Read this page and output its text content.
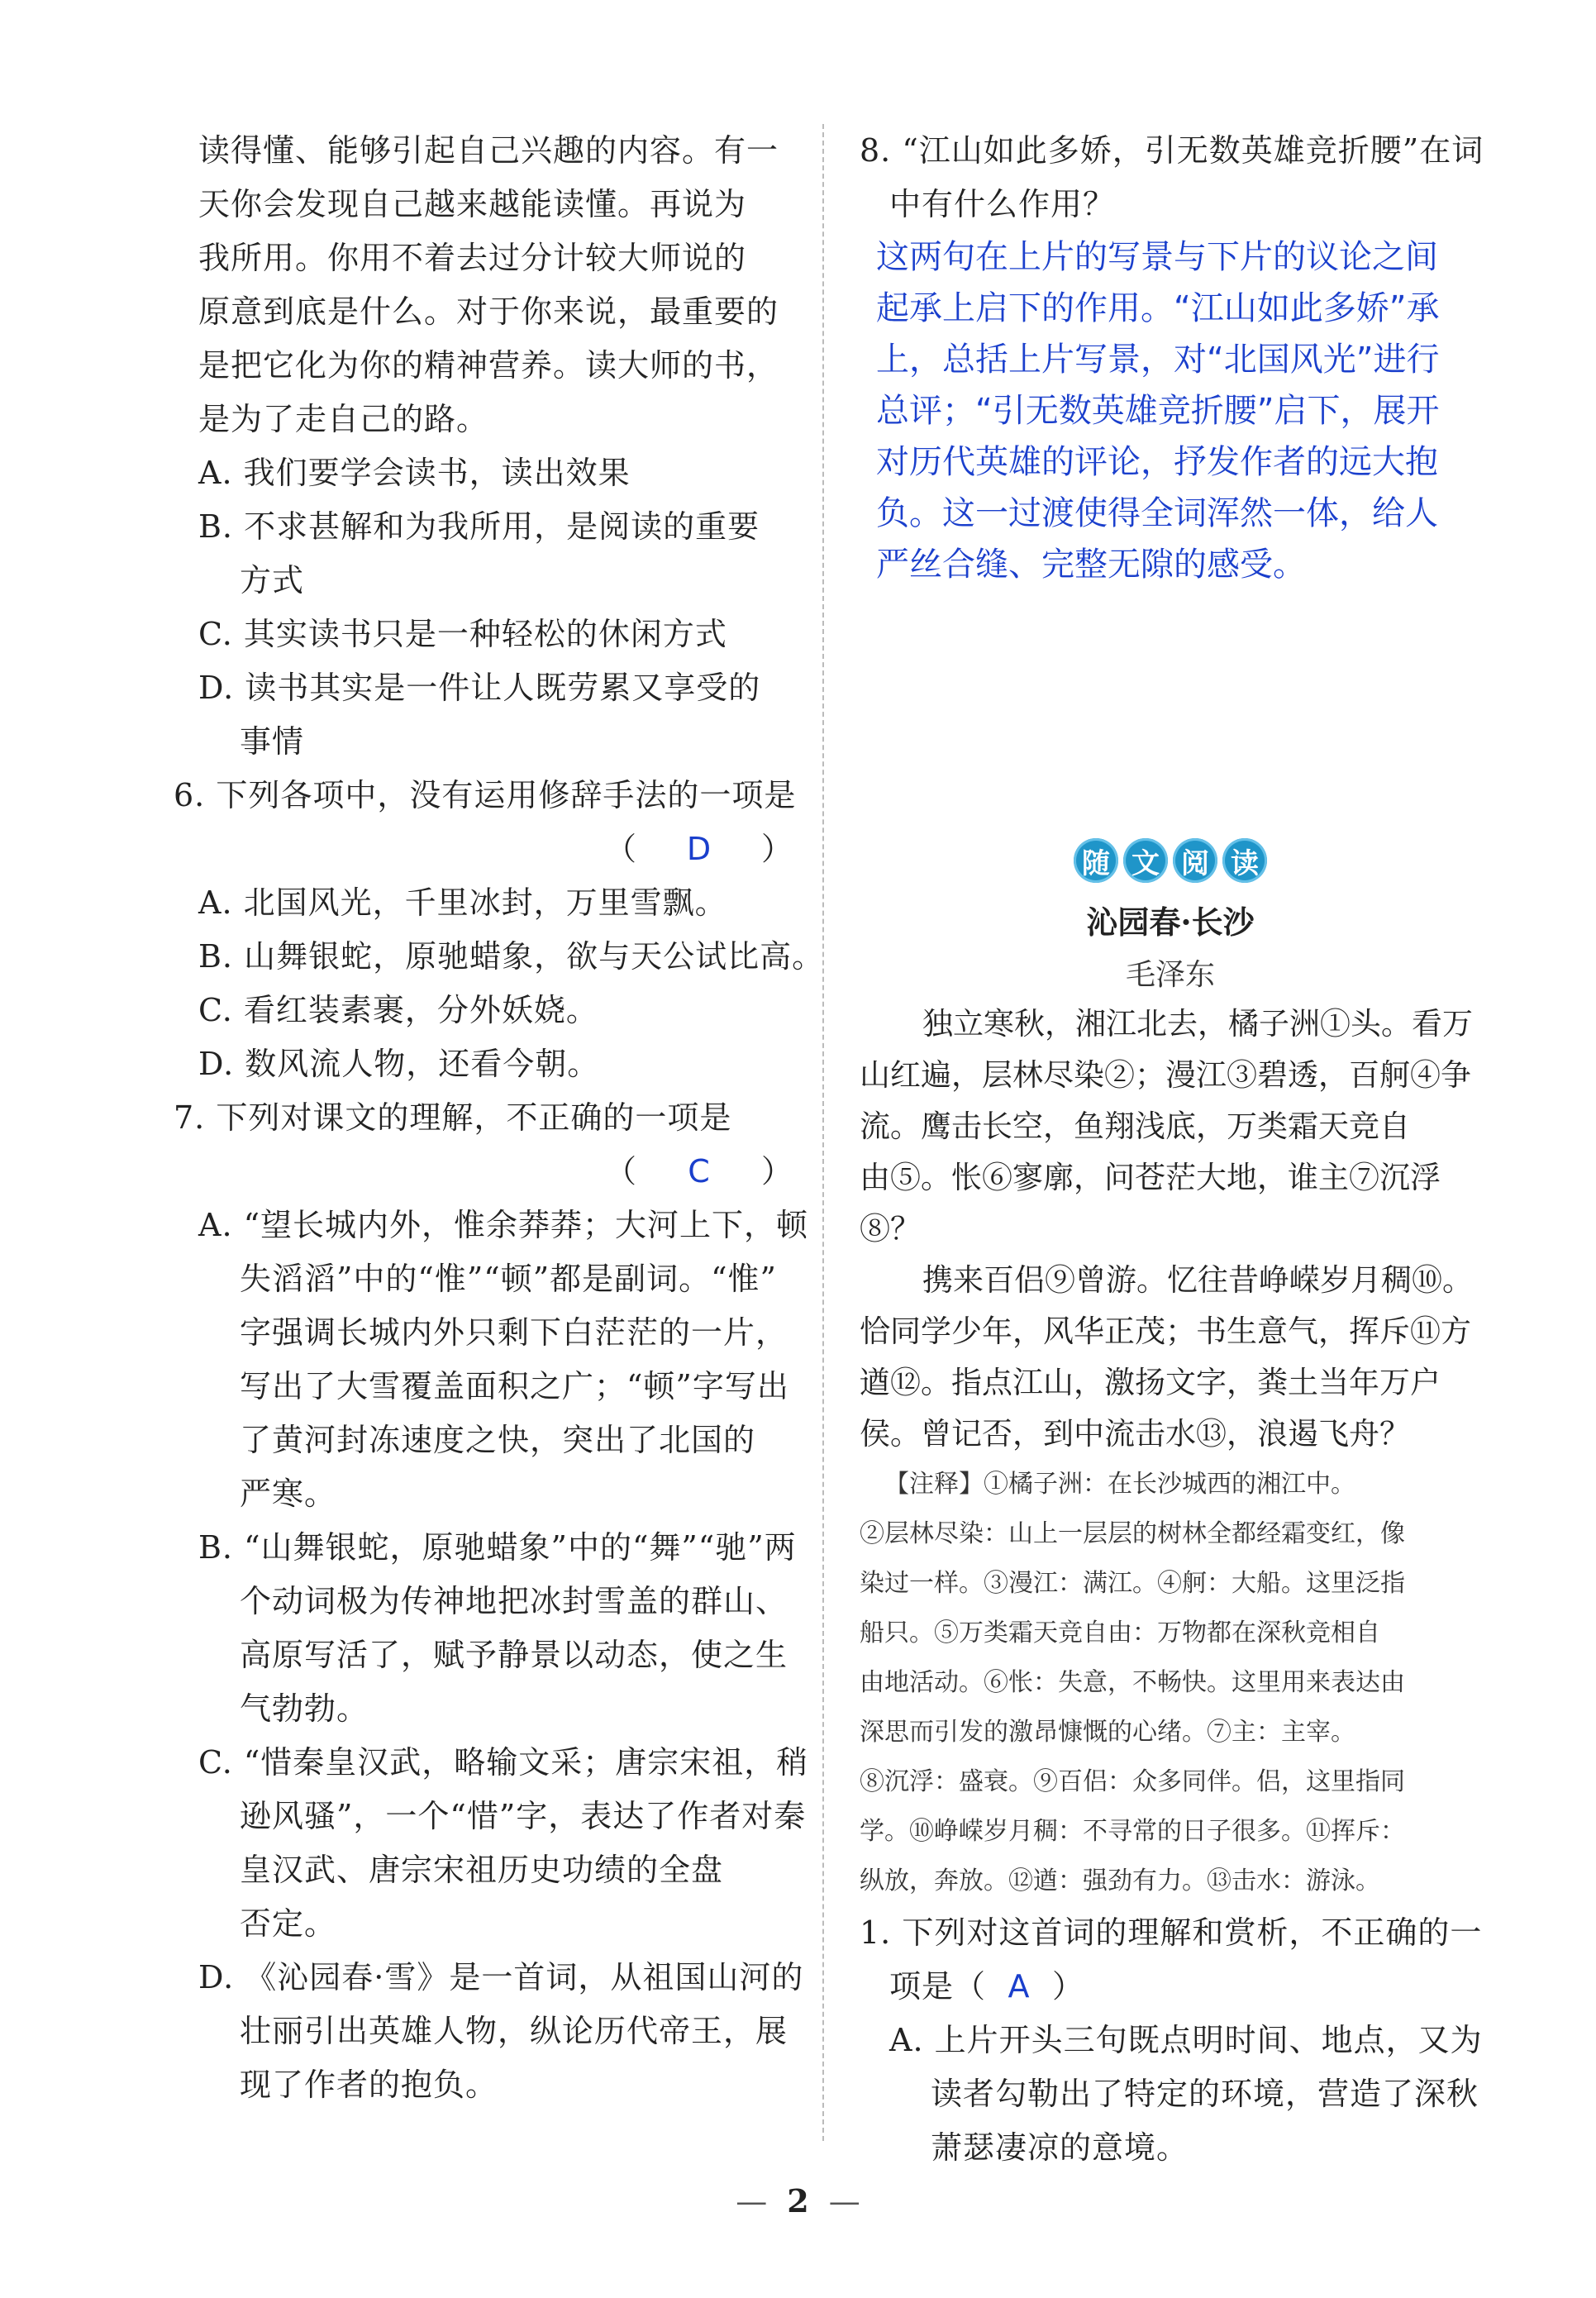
读得懂、能够引起自己兴趣的内容。有一
天你会发现自己越来越能读懂。再说为
我所用。你用不着去过分计较大师说的
原意到底是什么。对于你来说，最重要的
是把它化为你的精神营养。读大师的书，
是为了走自己的路。
A. 我们要学会读书，读出效果
B. 不求甚解和为我所用，是阅读的重要
方式
C. 其实读书只是一种轻松的休闲方式
D. 读书其实是一件让人既劳累又享受的
事情
6. 下列各项中，没有运用修辞手法的一项是
（ D ）
A. 北国风光，千里冰封，万里雪飘。
B. 山舞银蛇，原驰蜡象，欲与天公试比高。
C. 看红装素裹，分外妖娆。
D. 数风流人物，还看今朝。
7. 下列对课文的理解，不正确的一项是
（ C ）
A. “望长城内外，惟余莽莽；大河上下，顿
失滔滔”中的“惟”“顿”都是副词。“惟”
字强调长城内外只剩下白茫茫的一片，
写出了大雪覆盖面积之广；“顿”字写出
了黄河封冻速度之快，突出了北国的
严寒。
B. “山舞银蛇，原驰蜡象”中的“舞”“驰”两
个动词极为传神地把冰封雪盖的群山、
高原写活了，赋予静景以动态，使之生
气勃勃。
C. “惜秦皇汉武，略输文采；唐宗宋祖，稍
逊风骚”，一个“惜”字，表达了作者对秦
皇汉武、唐宗宋祖历史功绩的全盘
否定。
D. 《沁园春·雪》是一首词，从祖国山河的
壮丽引出英雄人物，纵论历代帝王，展
现了作者的抱负。
8. “江山如此多娇，引无数英雄竞折腰”在词
中有什么作用？
这两句在上片的写景与下片的议论之间
起承上启下的作用。“江山如此多娇”承
上，总括上片写景，对“北国风光”进行
总评；“引无数英雄竞折腰”启下，展开
对历代英雄的评论，抒发作者的远大抱
负。这一过渡使得全词浑然一体，给人
严丝合缝、完整无隙的感受。
随 文 阅 读
沁园春·长沙
毛泽东
独立寒秋，湘江北去，橘子洲①头。看万
山红遍，层林尽染②；漫江③碧透，百舸④争
流。鹰击长空，鱼翔浅底，万类霜天竞自
由⑤。怅⑥寥廓，问苍茫大地，谁主⑦沉浮⑧？
携来百侣⑨曾游。忆往昔峥嵘岁月稠⑩。
恰同学少年，风华正茂；书生意气，挥斥⑪方
遒⑫。指点江山，激扬文字，粪土当年万户
侯。曾记否，到中流击水⑬，浪遏飞舟？
【注释】①橘子洲：在长沙城西的湘江中。
②层林尽染：山上一层层的树林全都经霜变红，像
染过一样。③漫江：满江。④舸：大船。这里泛指
船只。⑤万类霜天竞自由：万物都在深秋竞相自
由地活动。⑥怅：失意，不畅快。这里用来表达由
深思而引发的激昂慷慨的心绪。⑦主：主宰。
⑧沉浮：盛衰。⑨百侣：众多同伴。侣，这里指同
学。⑩峥嵘岁月稠：不寻常的日子很多。⑪挥斥：
纵放，奔放。⑫遒：强劲有力。⑬击水：游泳。
1. 下列对这首词的理解和赏析，不正确的一
项是（ A ）
A. 上片开头三句既点明时间、地点，又为
读者勾勒出了特定的环境，营造了深秋
萧瑟凄凉的意境。
— 2 —
